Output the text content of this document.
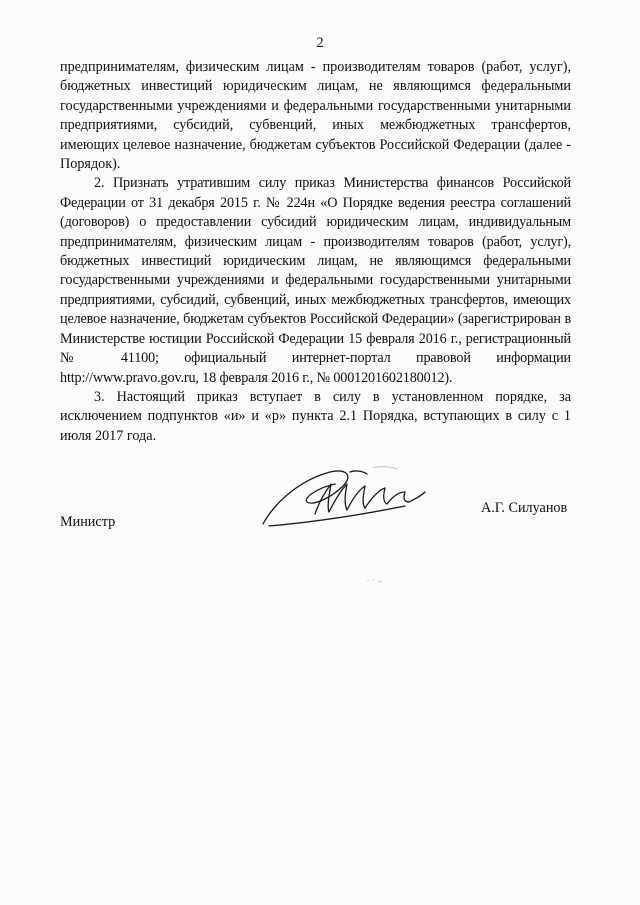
2

предпринимателям, физическим лицам - производителям товаров (работ, услуг), бюджетных инвестиций юридическим лицам, не являющимся федеральными государственными учреждениями и федеральными государственными унитарными предприятиями, субсидий, субвенций, иных межбюджетных трансфертов, имеющих целевое назначение, бюджетам субъектов Российской Федерации (далее - Порядок).

2. Признать утратившим силу приказ Министерства финансов Российской Федерации от 31 декабря 2015 г. № 224н «О Порядке ведения реестра соглашений (договоров) о предоставлении субсидий юридическим лицам, индивидуальным предпринимателям, физическим лицам - производителям товаров (работ, услуг), бюджетных инвестиций юридическим лицам, не являющимся федеральными государственными учреждениями и федеральными государственными унитарными предприятиями, субсидий, субвенций, иных межбюджетных трансфертов, имеющих целевое назначение, бюджетам субъектов Российской Федерации» (зарегистрирован в Министерстве юстиции Российской Федерации 15 февраля 2016 г., регистрационный № 41100; официальный интернет-портал правовой информации http://www.pravo.gov.ru, 18 февраля 2016 г., № 0001201602180012).

3. Настоящий приказ вступает в силу в установленном порядке, за исключением подпунктов «и» и «р» пункта 2.1 Порядка, вступающих в силу с 1 июля 2017 года.

Министр
А.Г. Силуанов
